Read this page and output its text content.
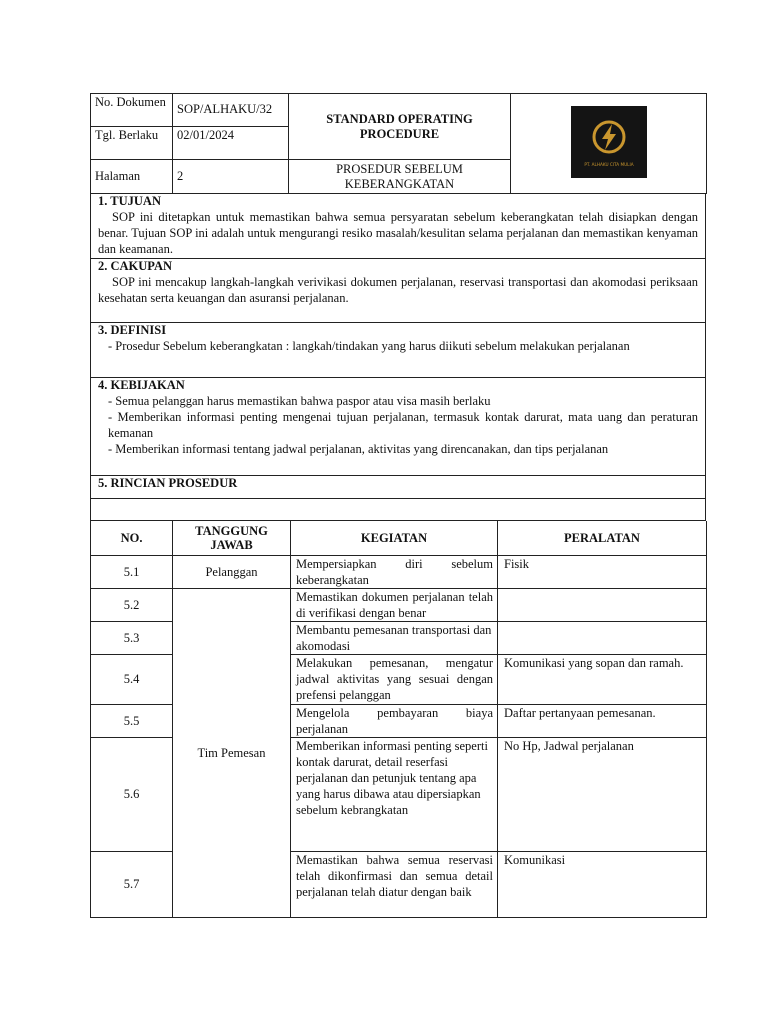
No. Dokumen	SOP/ALHAKU/32	STANDARD OPERATING PROCEDURE	PT. ALHAKU CITA MULIA

Tgl. Berlaku	02/01/2024		
Halaman	2	PROSEDUR SEBELUM KEBERANGKATAN	
1. TUJUAN

SOP ini ditetapkan untuk memastikan bahwa semua persyaratan sebelum keberangkatan telah disiapkan dengan benar. Tujuan SOP ini adalah untuk mengurangi resiko masalah/kesulitan selama perjalanan dan memastikan kenyaman dan keamanan.

2. CAKUPAN

SOP ini mencakup langkah-langkah verivikasi dokumen perjalanan, reservasi transportasi dan akomodasi periksaan kesehatan serta keuangan dan asuransi perjalanan.

3. DEFINISI
- Prosedur Sebelum keberangkatan : langkah/tindakan yang harus diikuti sebelum melakukan perjalanan
4. KEBIJAKAN
- Semua pelanggan harus memastikan bahwa paspor atau visa masih berlaku
- Memberikan informasi penting mengenai tujuan perjalanan, termasuk kontak darurat, mata uang dan peraturan kemanan
- Memberikan informasi tentang jadwal perjalanan, aktivitas yang direncanakan, dan tips perjalanan
5. RINCIAN PROSEDUR
NO.	TANGGUNG JAWAB	KEGIATAN	PERALATAN
5.1	Pelanggan	Mempersiapkan diri sebelum keberangkatan	Fisik
5.2	Tim Pemesan	Memastikan dokumen perjalanan telah di verifikasi dengan benar	
5.3		Membantu pemesanan transportasi dan akomodasi	
5.4		Melakukan pemesanan, mengatur jadwal aktivitas yang sesuai dengan prefensi pelanggan	Komunikasi yang sopan dan ramah.
5.5		Mengelola pembayaran biaya perjalanan	Daftar pertanyaan pemesanan.
5.6		Memberikan informasi penting seperti kontak darurat, detail reserfasi perjalanan dan petunjuk tentang apa yang harus dibawa atau dipersiapkan sebelum kebrangkatan	No Hp, Jadwal perjalanan
5.7		Memastikan bahwa semua reservasi telah dikonfirmasi dan semua detail perjalanan telah diatur dengan baik	Komunikasi
